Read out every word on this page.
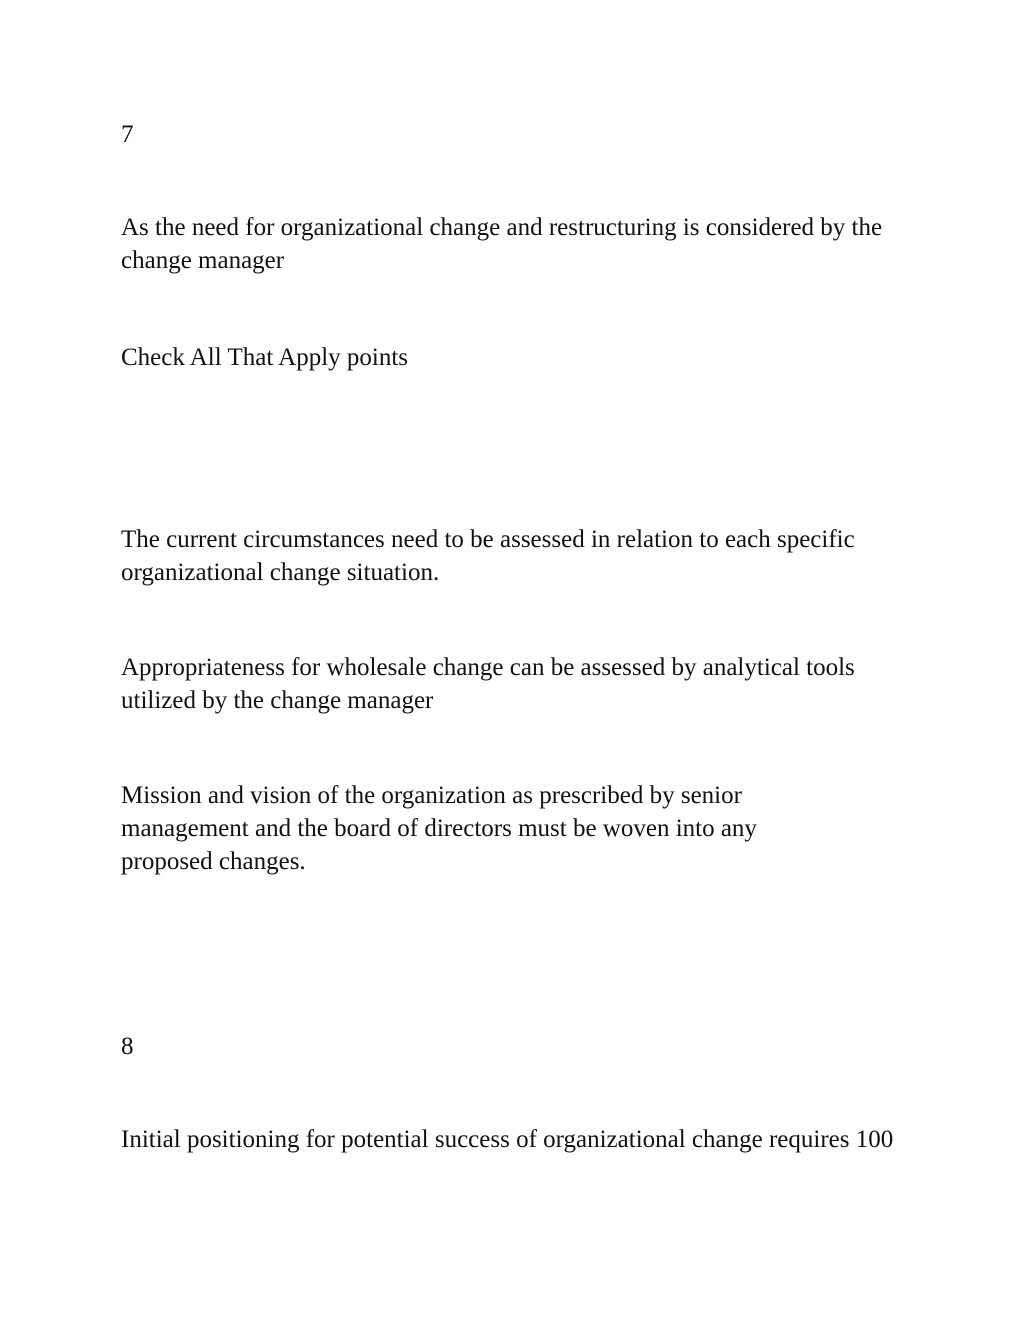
7

As the need for organizational change and restructuring is considered by the change manager

Check All That Apply points

The current circumstances need to be assessed in relation to each specific organizational change situation.

Appropriateness for wholesale change can be assessed by analytical tools utilized by the change manager

Mission and vision of the organization as prescribed by senior management and the board of directors must be woven into any proposed changes.

8

Initial positioning for potential success of organizational change requires 100
